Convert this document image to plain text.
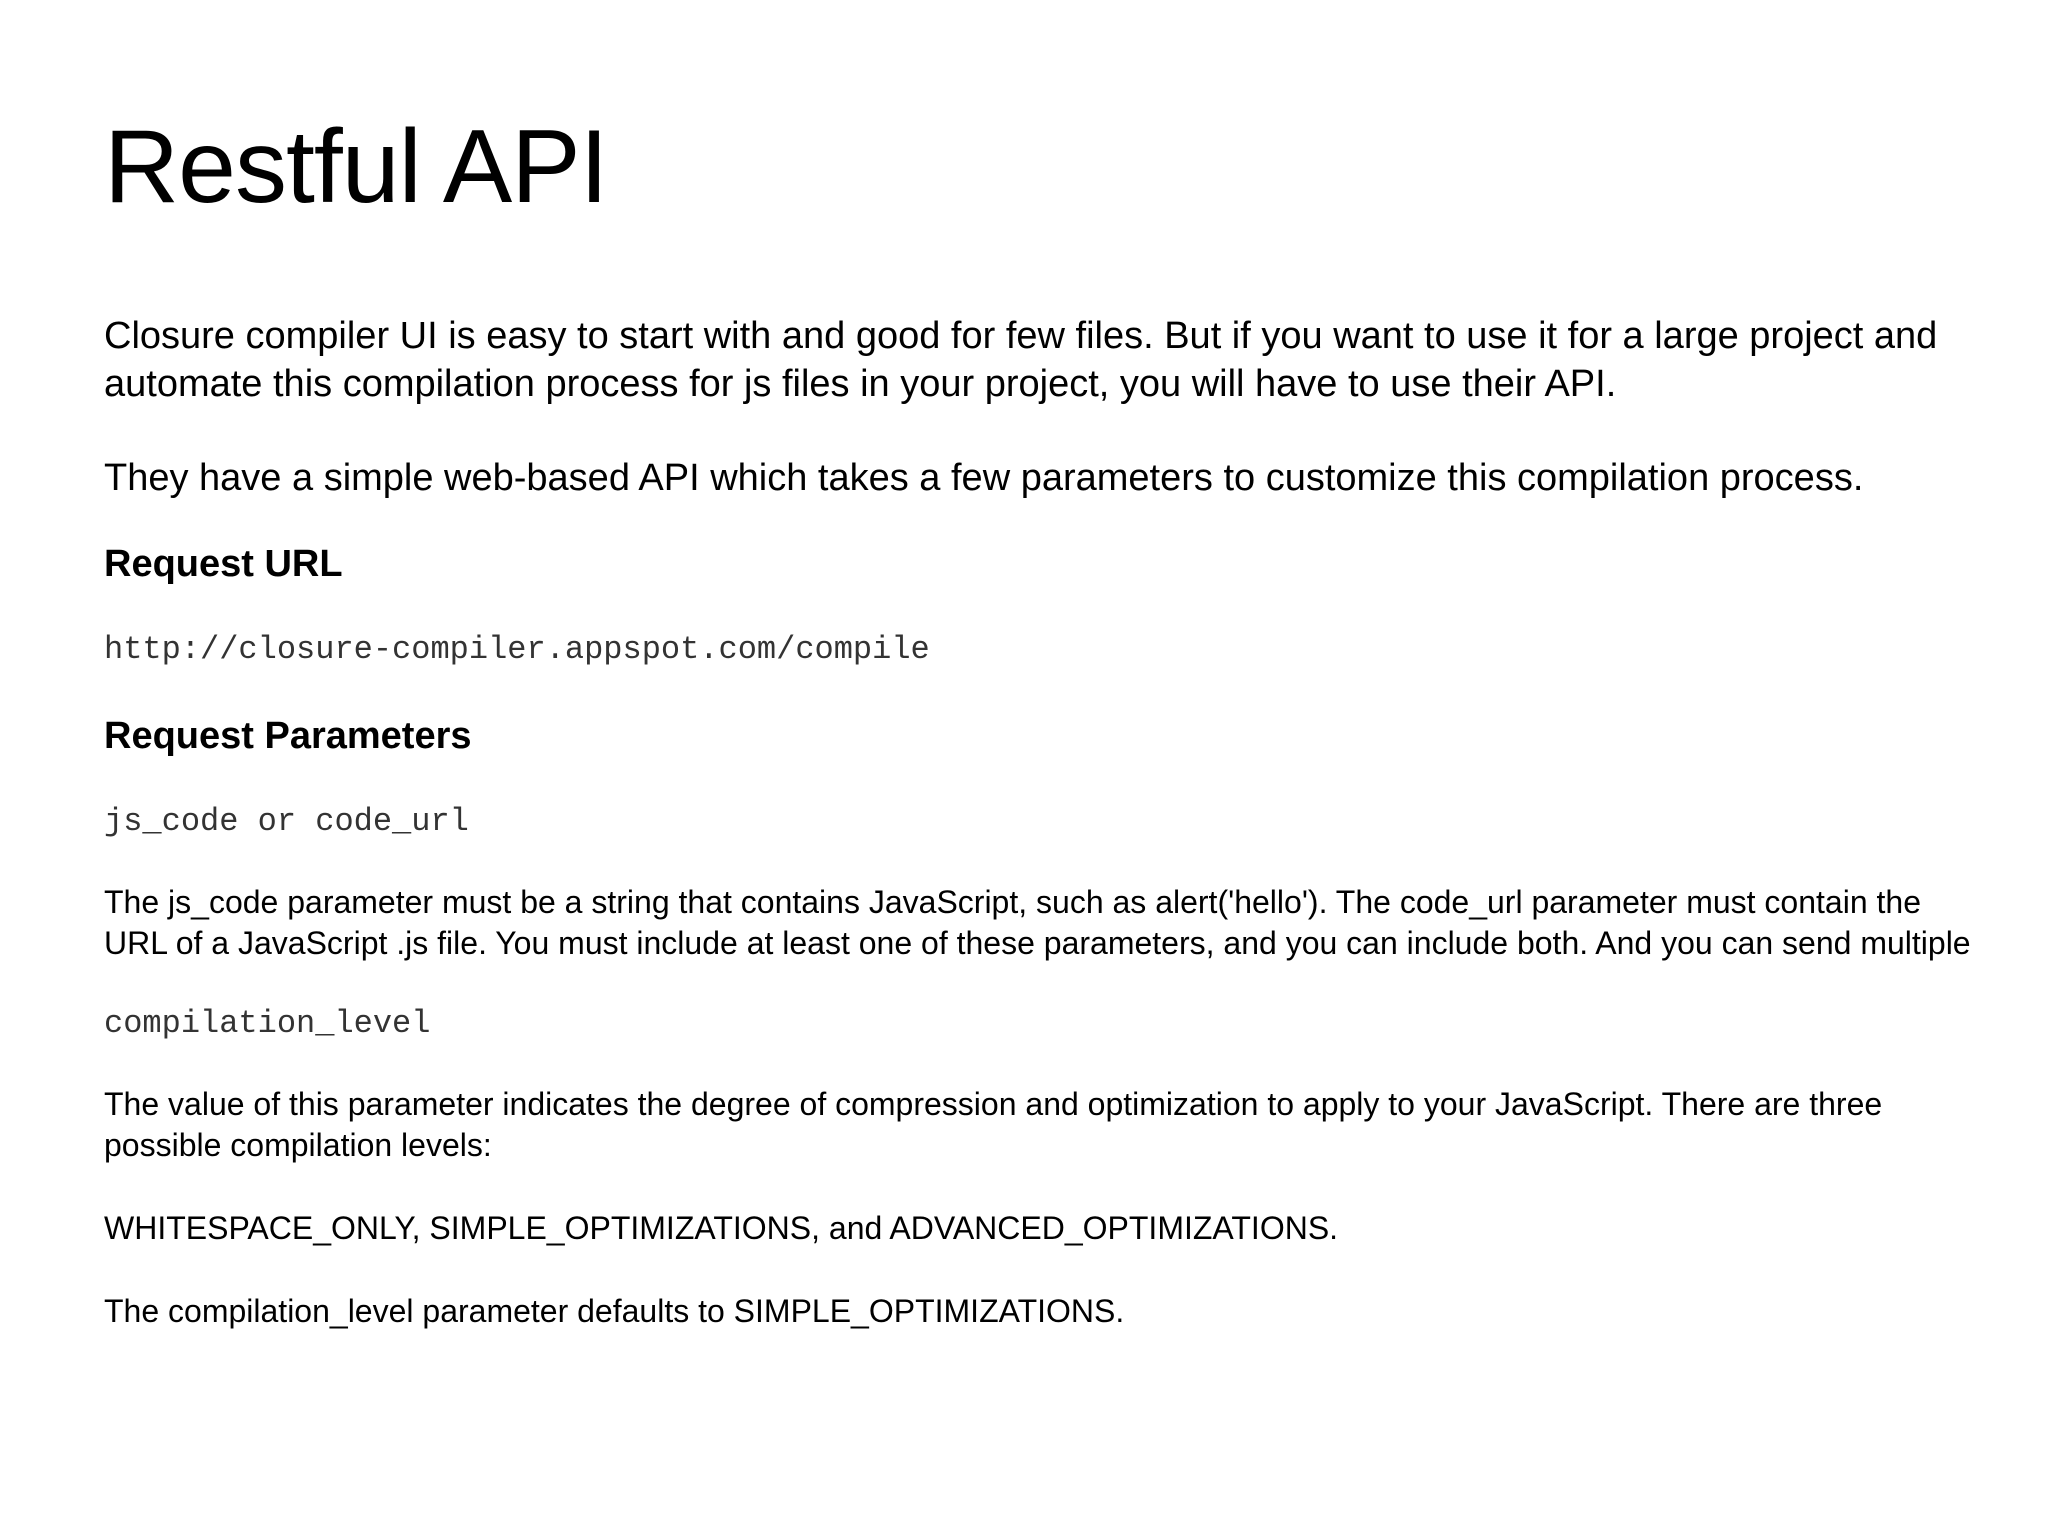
Restful API

Closure compiler UI is easy to start with and good for few files. But if you want to use it for a large project and automate this compilation process for js files in your project, you will have to use their API.

They have a simple web-based API which takes a few parameters to customize this compilation process.

Request URL

http://closure-compiler.appspot.com/compile

Request Parameters

js_code or code_url

The js_code parameter must be a string that contains JavaScript, such as alert('hello'). The code_url parameter must contain the URL of a JavaScript .js file. You must include at least one of these parameters, and you can include both. And you can send multiple

compilation_level

The value of this parameter indicates the degree of compression and optimization to apply to your JavaScript. There are three possible compilation levels:

WHITESPACE_ONLY, SIMPLE_OPTIMIZATIONS, and ADVANCED_OPTIMIZATIONS.

The compilation_level parameter defaults to SIMPLE_OPTIMIZATIONS.
